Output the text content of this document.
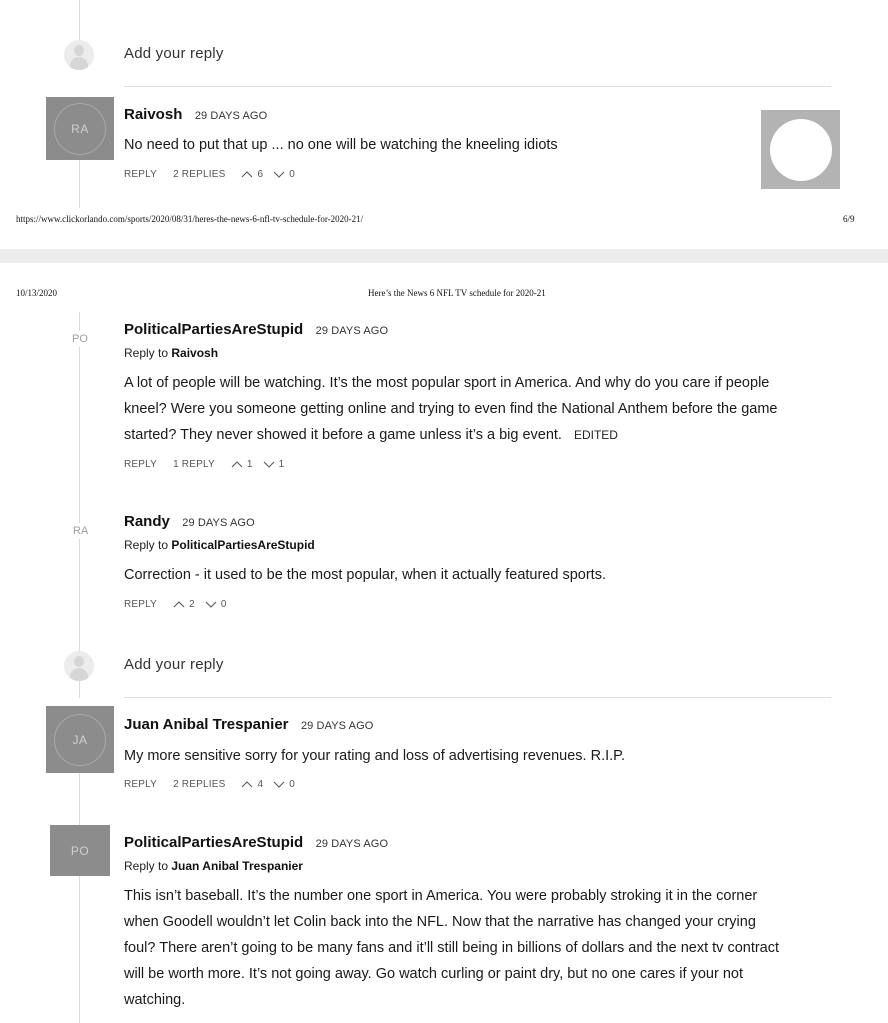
Add your reply
RA
Raivosh 29 DAYS AGO
No need to put that up ... no one will be watching the kneeling idiots
REPLY 2 REPLIES	6	0
https://www.clickorlando.com/sports/2020/08/31/heres-the-news-6-nfl-tv-schedule-for-2020-21/	6/9
10/13/2020	Here’s the News 6 NFL TV schedule for 2020-21
PO
PoliticalPartiesAreStupid 29 DAYS AGO
Reply to Raivosh
A lot of people will be watching. It’s the most popular sport in America. And why do you care if people
kneel? Were you someone getting online and trying to even find the National Anthem before the game
started? They never showed it before a game unless it’s a big event. EDITED
REPLY 1 REPLY	1	1
RA
Randy 29 DAYS AGO
Reply to PoliticalPartiesAreStupid
Correction - it used to be the most popular, when it actually featured sports.
REPLY	2	0
Add your reply
JA
Juan Anibal Trespanier 29 DAYS AGO
My more sensitive sorry for your rating and loss of advertising revenues. R.I.P.
REPLY 2 REPLIES	4	0
PO PoliticalPartiesAreStupid 29 DAYS AGO
Reply to Juan Anibal Trespanier
This isn’t baseball. It’s the number one sport in America. You were probably stroking it in the corner
when Goodell wouldn’t let Colin back into the NFL. Now that the narrative has changed your crying
foul? There aren’t going to be many fans and it’ll still being in billions of dollars and the next tv contract
will be worth more. It’s not going away. Go watch curling or paint dry, but no one cares if your not
watching.
